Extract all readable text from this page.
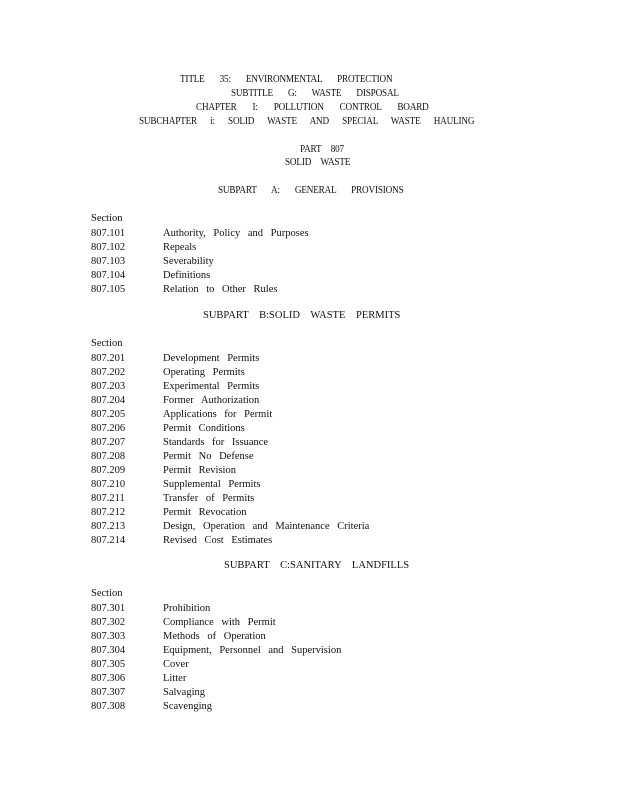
TITLE 35: ENVIRONMENTAL PROTECTION
SUBTITLE G: WASTE DISPOSAL
CHAPTER I: POLLUTION CONTROL BOARD
SUBCHAPTER i: SOLID WASTE AND SPECIAL WASTE HAULING
PART 807
SOLID WASTE
SUBPART A: GENERAL PROVISIONS
Section
807.101	Authority, Policy and Purposes
807.102	Repeals
807.103	Severability
807.104	Definitions
807.105	Relation to Other Rules
SUBPART B:SOLID WASTE PERMITS
Section
807.201	Development Permits
807.202	Operating Permits
807.203	Experimental Permits
807.204	Former Authorization
807.205	Applications for Permit
807.206	Permit Conditions
807.207	Standards for Issuance
807.208	Permit No Defense
807.209	Permit Revision
807.210	Supplemental Permits
807.211	Transfer of Permits
807.212	Permit Revocation
807.213	Design, Operation and Maintenance Criteria
807.214	Revised Cost Estimates
SUBPART C:SANITARY LANDFILLS
Section
807.301	Prohibition
807.302	Compliance with Permit
807.303	Methods of Operation
807.304	Equipment, Personnel and Supervision
807.305	Cover
807.306	Litter
807.307	Salvaging
807.308	Scavenging
